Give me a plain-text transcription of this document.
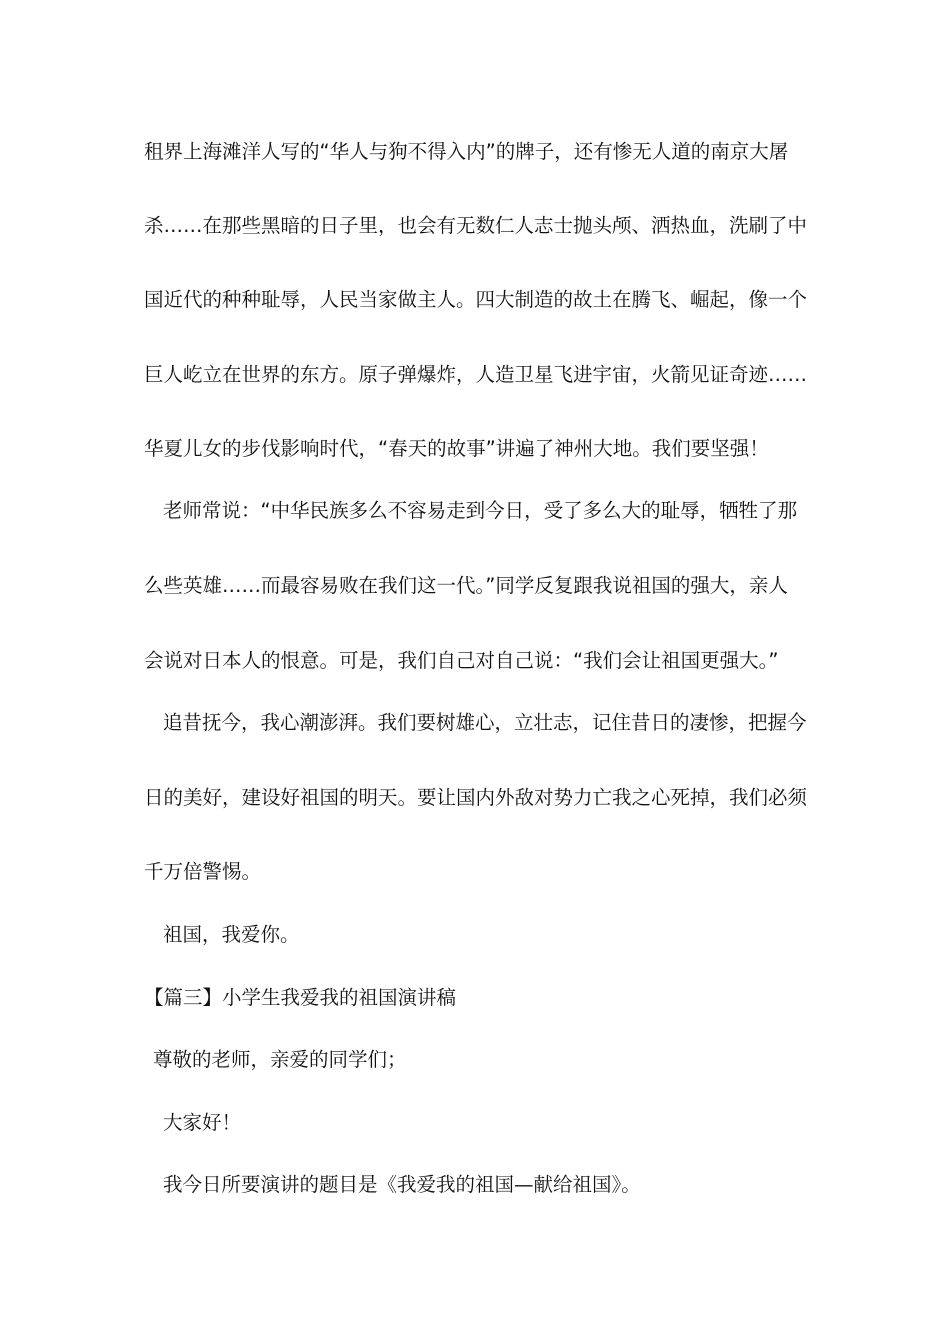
租界上海滩洋人写的“华人与狗不得入内”的牌子，还有惨无人道的南京大屠
杀……在那些黑暗的日子里，也会有无数仁人志士抛头颅、洒热血，洗刷了中
国近代的种种耻辱，人民当家做主人。四大制造的故土在腾飞、崛起，像一个
巨人屹立在世界的东方。原子弹爆炸，人造卫星飞进宇宙，火箭见证奇迹……
华夏儿女的步伐影响时代，“春天的故事”讲遍了神州大地。我们要坚强！
老师常说：“中华民族多么不容易走到今日，受了多么大的耻辱，牺牲了那
么些英雄……而最容易败在我们这一代。”同学反复跟我说祖国的强大，亲人
会说对日本人的恨意。可是，我们自己对自己说：“我们会让祖国更强大。”
追昔抚今，我心潮澎湃。我们要树雄心，立壮志，记住昔日的凄惨，把握今
日的美好，建设好祖国的明天。要让国内外敌对势力亡我之心死掉，我们必须
千万倍警惕。
祖国，我爱你。
【篇三】小学生我爱我的祖国演讲稿
尊敬的老师，亲爱的同学们；
大家好！
我今日所要演讲的题目是《我爱我的祖国—献给祖国》。
